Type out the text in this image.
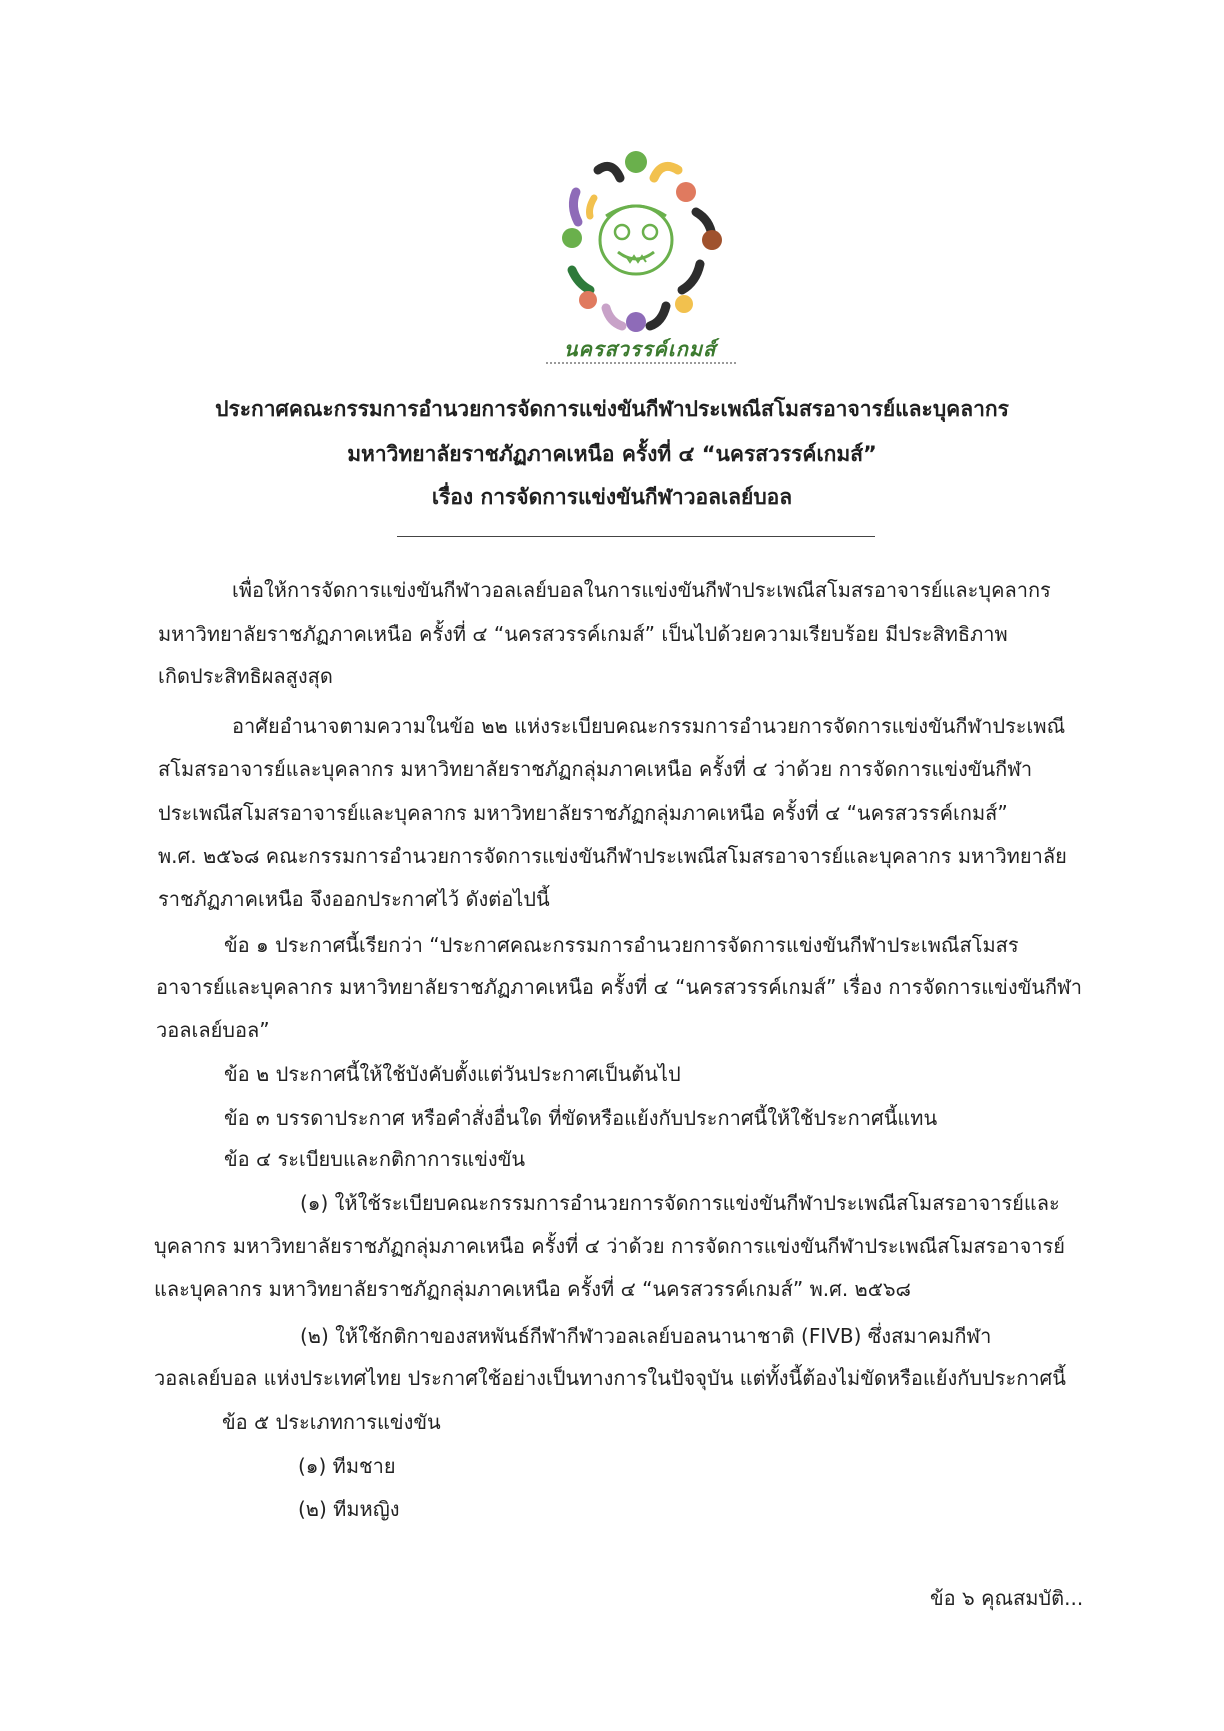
นครสวรรค์เกมส์
ประกาศคณะกรรมการอำนวยการจัดการแข่งขันกีฬาประเพณีสโมสรอาจารย์และบุคลากร
มหาวิทยาลัยราชภัฏภาคเหนือ ครั้งที่ ๔ “นครสวรรค์เกมส์”
เรื่อง การจัดการแข่งขันกีฬาวอลเลย์บอล
เพื่อให้การจัดการแข่งขันกีฬาวอลเลย์บอลในการแข่งขันกีฬาประเพณีสโมสรอาจารย์และบุคลากร
มหาวิทยาลัยราชภัฏภาคเหนือ ครั้งที่ ๔ “นครสวรรค์เกมส์” เป็นไปด้วยความเรียบร้อย มีประสิทธิภาพ
เกิดประสิทธิผลสูงสุด
อาศัยอำนาจตามความในข้อ ๒๒ แห่งระเบียบคณะกรรมการอำนวยการจัดการแข่งขันกีฬาประเพณี
สโมสรอาจารย์และบุคลากร มหาวิทยาลัยราชภัฏกลุ่มภาคเหนือ ครั้งที่ ๔ ว่าด้วย การจัดการแข่งขันกีฬา
ประเพณีสโมสรอาจารย์และบุคลากร มหาวิทยาลัยราชภัฏกลุ่มภาคเหนือ ครั้งที่ ๔ “นครสวรรค์เกมส์”
พ.ศ. ๒๕๖๘ คณะกรรมการอำนวยการจัดการแข่งขันกีฬาประเพณีสโมสรอาจารย์และบุคลากร มหาวิทยาลัย
ราชภัฏภาคเหนือ จึงออกประกาศไว้ ดังต่อไปนี้
ข้อ ๑ ประกาศนี้เรียกว่า “ประกาศคณะกรรมการอำนวยการจัดการแข่งขันกีฬาประเพณีสโมสร
อาจารย์และบุคลากร มหาวิทยาลัยราชภัฏภาคเหนือ ครั้งที่ ๔ “นครสวรรค์เกมส์” เรื่อง การจัดการแข่งขันกีฬา
วอลเลย์บอล”
ข้อ ๒ ประกาศนี้ให้ใช้บังคับตั้งแต่วันประกาศเป็นต้นไป
ข้อ ๓ บรรดาประกาศ หรือคำสั่งอื่นใด ที่ขัดหรือแย้งกับประกาศนี้ให้ใช้ประกาศนี้แทน
ข้อ ๔ ระเบียบและกติกาการแข่งขัน
(๑) ให้ใช้ระเบียบคณะกรรมการอำนวยการจัดการแข่งขันกีฬาประเพณีสโมสรอาจารย์และ
บุคลากร มหาวิทยาลัยราชภัฏกลุ่มภาคเหนือ ครั้งที่ ๔ ว่าด้วย การจัดการแข่งขันกีฬาประเพณีสโมสรอาจารย์
และบุคลากร มหาวิทยาลัยราชภัฏกลุ่มภาคเหนือ ครั้งที่ ๔ “นครสวรรค์เกมส์” พ.ศ. ๒๕๖๘
(๒) ให้ใช้กติกาของสหพันธ์กีฬากีฬาวอลเลย์บอลนานาชาติ (FIVB) ซึ่งสมาคมกีฬา
วอลเลย์บอล แห่งประเทศไทย ประกาศใช้อย่างเป็นทางการในปัจจุบัน แต่ทั้งนี้ต้องไม่ขัดหรือแย้งกับประกาศนี้
ข้อ ๕ ประเภทการแข่งขัน
(๑) ทีมชาย
(๒) ทีมหญิง
ข้อ ๖ คุณสมบัติ...
